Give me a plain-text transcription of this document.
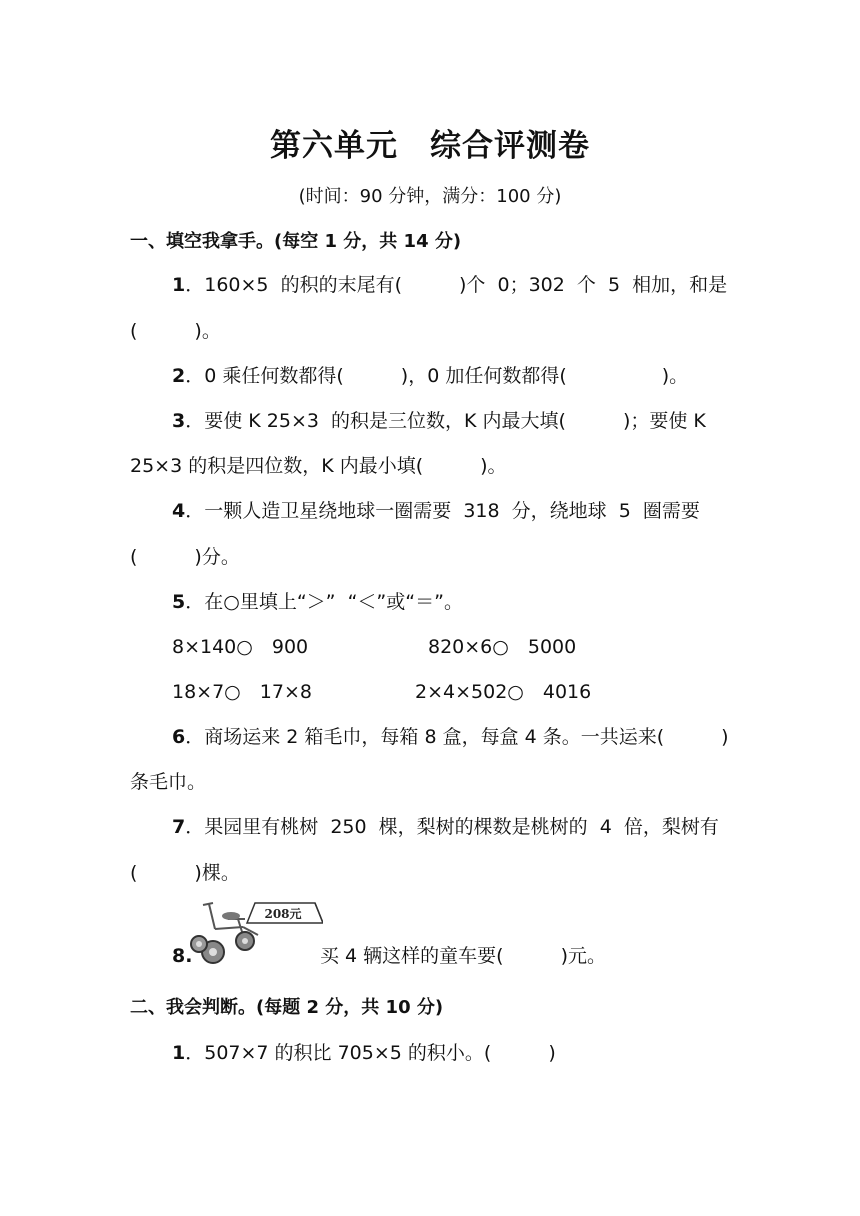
第六单元　综合评测卷
(时间：90 分钟，满分：100 分)
一、填空我拿手。(每空 1 分，共 14 分)
1．160×5  的积的末尾有(　　　)个  0；302  个  5  相加，和是
(　　　)。
2．0 乘任何数都得(　　　)，0 加任何数都得(　　　　　)。
3．要使 K 25×3  的积是三位数，K 内最大填(　　　)；要使 K
25×3 的积是四位数，K 内最小填(　　　)。
4．一颗人造卫星绕地球一圈需要  318  分，绕地球  5  圈需要
(　　　)分。
5．在○里填上“＞”  “＜”或“＝”。
8×140○　900	820×6○　5000
18×7○　17×8	2×4×502○　4016
6．商场运来 2 箱毛巾，每箱 8 盒，每盒 4 条。一共运来(　　　)
条毛巾。
7．果园里有桃树  250  棵，梨树的棵数是桃树的  4  倍，梨树有
(　　　)棵。
208元
8.	买 4 辆这样的童车要(　　　)元。
二、我会判断。(每题 2 分，共 10 分)
1．507×7 的积比 705×5 的积小。(　　　)
